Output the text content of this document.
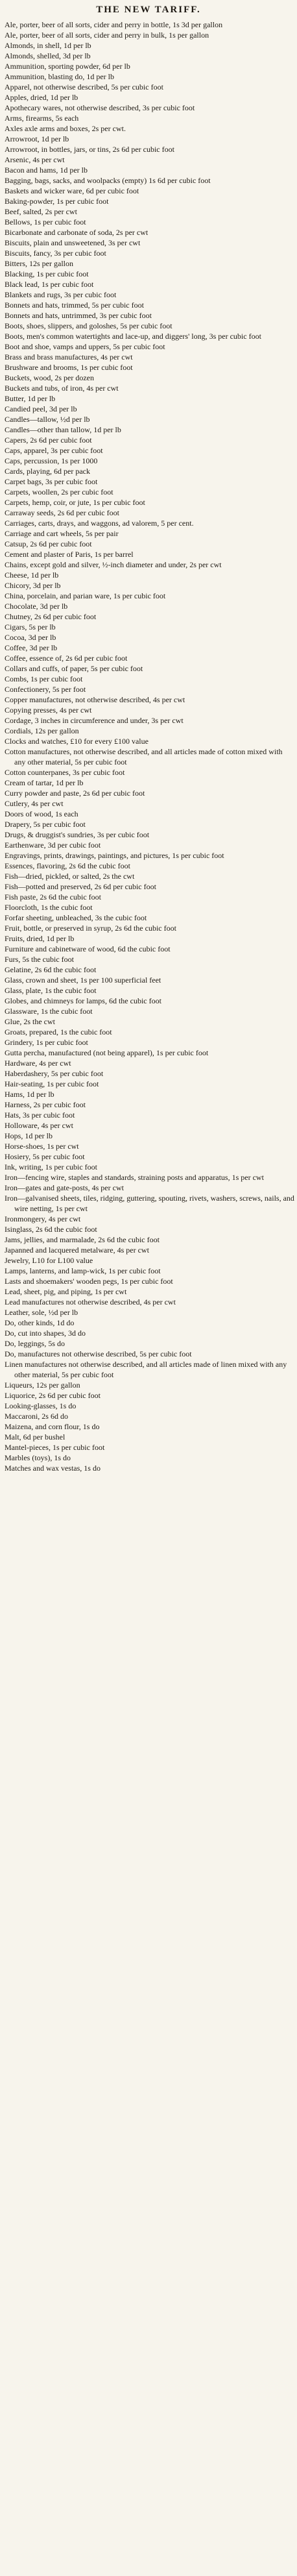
THE NEW TARIFF.
Ale, porter, beer of all sorts, cider and perry in bottle, 1s 3d per gallon
Ale, porter, beer of all sorts, cider and perry in bulk, 1s per gallon
Almonds, in shell, 1d per lb
Almonds, shelled, 3d per lb
Ammunition, sporting powder, 6d per lb
Ammunition, blasting do, 1d per lb
Apparel, not otherwise described, 5s per cubic foot
Apples, dried, 1d per lb
Apothecary wares, not otherwise described, 3s per cubic foot
Arms, firearms, 5s each
Axles axle arms and boxes, 2s per cwt.
Arrowroot, 1d per lb
Arrowroot, in bottles, jars, or tins, 2s 6d per cubic foot
Arsenic, 4s per cwt
Bacon and hams, 1d per lb
Bagging, bags, sacks, and woolpacks (empty) 1s 6d per cubic foot
Baskets and wicker ware, 6d per cubic foot
Baking-powder, 1s per cubic foot
Beef, salted, 2s per cwt
Bellows, 1s per cubic foot
Bicarbonate and carbonate of soda, 2s per cwt
Biscuits, plain and unsweetened, 3s per cwt
Biscuits, fancy, 3s per cubic foot
Bitters, 12s per gallon
Blacking, 1s per cubic foot
Black lead, 1s per cubic foot
Blankets and rugs, 3s per cubic foot
Bonnets and hats, trimmed, 5s per cubic foot
Bonnets and hats, untrimmed, 3s per cubic foot
Boots, shoes, slippers, and goloshes, 5s per cubic foot
Boots, men's common watertights and lace-up, and diggers' long, 3s per cubic foot
Boot and shoe, vamps and uppers, 5s per cubic foot
Brass and brass manufactures, 4s per cwt
Brushware and brooms, 1s per cubic foot
Buckets, wood, 2s per dozen
Buckets and tubs, of iron, 4s per cwt
Butter, 1d per lb
Candied peel, 3d per lb
Candles—tallow, ½d per lb
Candles—other than tallow, 1d per lb
Capers, 2s 6d per cubic foot
Caps, apparel, 3s per cubic foot
Caps, percussion, 1s per 1000
Cards, playing, 6d per pack
Carpet bags, 3s per cubic foot
Carpets, woollen, 2s per cubic foot
Carpets, hemp, coir, or jute, 1s per cubic foot
Carraway seeds, 2s 6d per cubic foot
Carriages, carts, drays, and waggons, ad valorem, 5 per cent.
Carriage and cart wheels, 5s per pair
Catsup, 2s 6d per cubic foot
Cement and plaster of Paris, 1s per barrel
Chains, except gold and silver, ½-inch diameter and under, 2s per cwt
Cheese, 1d per lb
Chicory, 3d per lb
China, porcelain, and parian ware, 1s per cubic foot
Chocolate, 3d per lb
Chutney, 2s 6d per cubic foot
Cigars, 5s per lb
Cocoa, 3d per lb
Coffee, 3d per lb
Coffee, essence of, 2s 6d per cubic foot
Collars and cuffs, of paper, 5s per cubic foot
Combs, 1s per cubic foot
Confectionery, 5s per foot
Copper manufactures, not otherwise described, 4s per cwt
Copying presses, 4s per cwt
Cordage, 3 inches in circumference and under, 3s per cwt
Cordials, 12s per gallon
Clocks and watches, £10 for every £100 value
Cotton manufactures, not otherwise described, and all articles made of cotton mixed with any other material, 5s per cubic foot
Cotton counterpanes, 3s per cubic foot
Cream of tartar, 1d per lb
Curry powder and paste, 2s 6d per cubic foot
Cutlery, 4s per cwt
Doors of wood, 1s each
Drapery, 5s per cubic foot
Drugs, & druggist's sundries, 3s per cubic foot
Earthenware, 3d per cubic foot
Engravings, prints, drawings, paintings, and pictures, 1s per cubic foot
Essences, flavoring, 2s 6d the cubic foot
Fish—dried, pickled, or salted, 2s the cwt
Fish—potted and preserved, 2s 6d per cubic foot
Fish paste, 2s 6d the cubic foot
Floorcloth, 1s the cubic foot
Forfar sheeting, unbleached, 3s the cubic foot
Fruit, bottle, or preserved in syrup, 2s 6d the cubic foot
Fruits, dried, 1d per lb
Furniture and cabinetware of wood, 6d the cubic foot
Furs, 5s the cubic foot
Gelatine, 2s 6d the cubic foot
Glass, crown and sheet, 1s per 100 superficial feet
Glass, plate, 1s the cubic foot
Globes, and chimneys for lamps, 6d the cubic foot
Glassware, 1s the cubic foot
Glue, 2s the cwt
Groats, prepared, 1s the cubic foot
Grindery, 1s per cubic foot
Gutta percha, manufactured (not being apparel), 1s per cubic foot
Hardware, 4s per cwt
Haberdashery, 5s per cubic foot
Hair-seating, 1s per cubic foot
Hams, 1d per lb
Harness, 2s per cubic foot
Hats, 3s per cubic foot
Holloware, 4s per cwt
Hops, 1d per lb
Horse-shoes, 1s per cwt
Hosiery, 5s per cubic foot
Ink, writing, 1s per cubic foot
Iron—fencing wire, staples and standards, straining posts and apparatus, 1s per cwt
Iron—gates and gate-posts, 4s per cwt
Iron—galvanised sheets, tiles, ridging, guttering, spouting, rivets, washers, screws, nails, and wire netting, 1s per cwt
Ironmongery, 4s per cwt
Isinglass, 2s 6d the cubic foot
Jams, jellies, and marmalade, 2s 6d the cubic foot
Japanned and lacquered metalware, 4s per cwt
Jewelry, L10 for L100 value
Lamps, lanterns, and lamp-wick, 1s per cubic foot
Lasts and shoemakers' wooden pegs, 1s per cubic foot
Lead, sheet, pig, and piping, 1s per cwt
Lead manufactures not otherwise described, 4s per cwt
Leather, sole, ½d per lb
Do, other kinds, 1d do
Do, cut into shapes, 3d do
Do, leggings, 5s do
Do, manufactures not otherwise described, 5s per cubic foot
Linen manufactures not otherwise described, and all articles made of linen mixed with any other material, 5s per cubic foot
Liqueurs, 12s per gallon
Liquorice, 2s 6d per cubic foot
Looking-glasses, 1s do
Maccaroni, 2s 6d do
Maizena, and corn flour, 1s do
Malt, 6d per bushel
Mantel-pieces, 1s per cubic foot
Marbles (toys), 1s do
Matches and wax vestas, 1s do
